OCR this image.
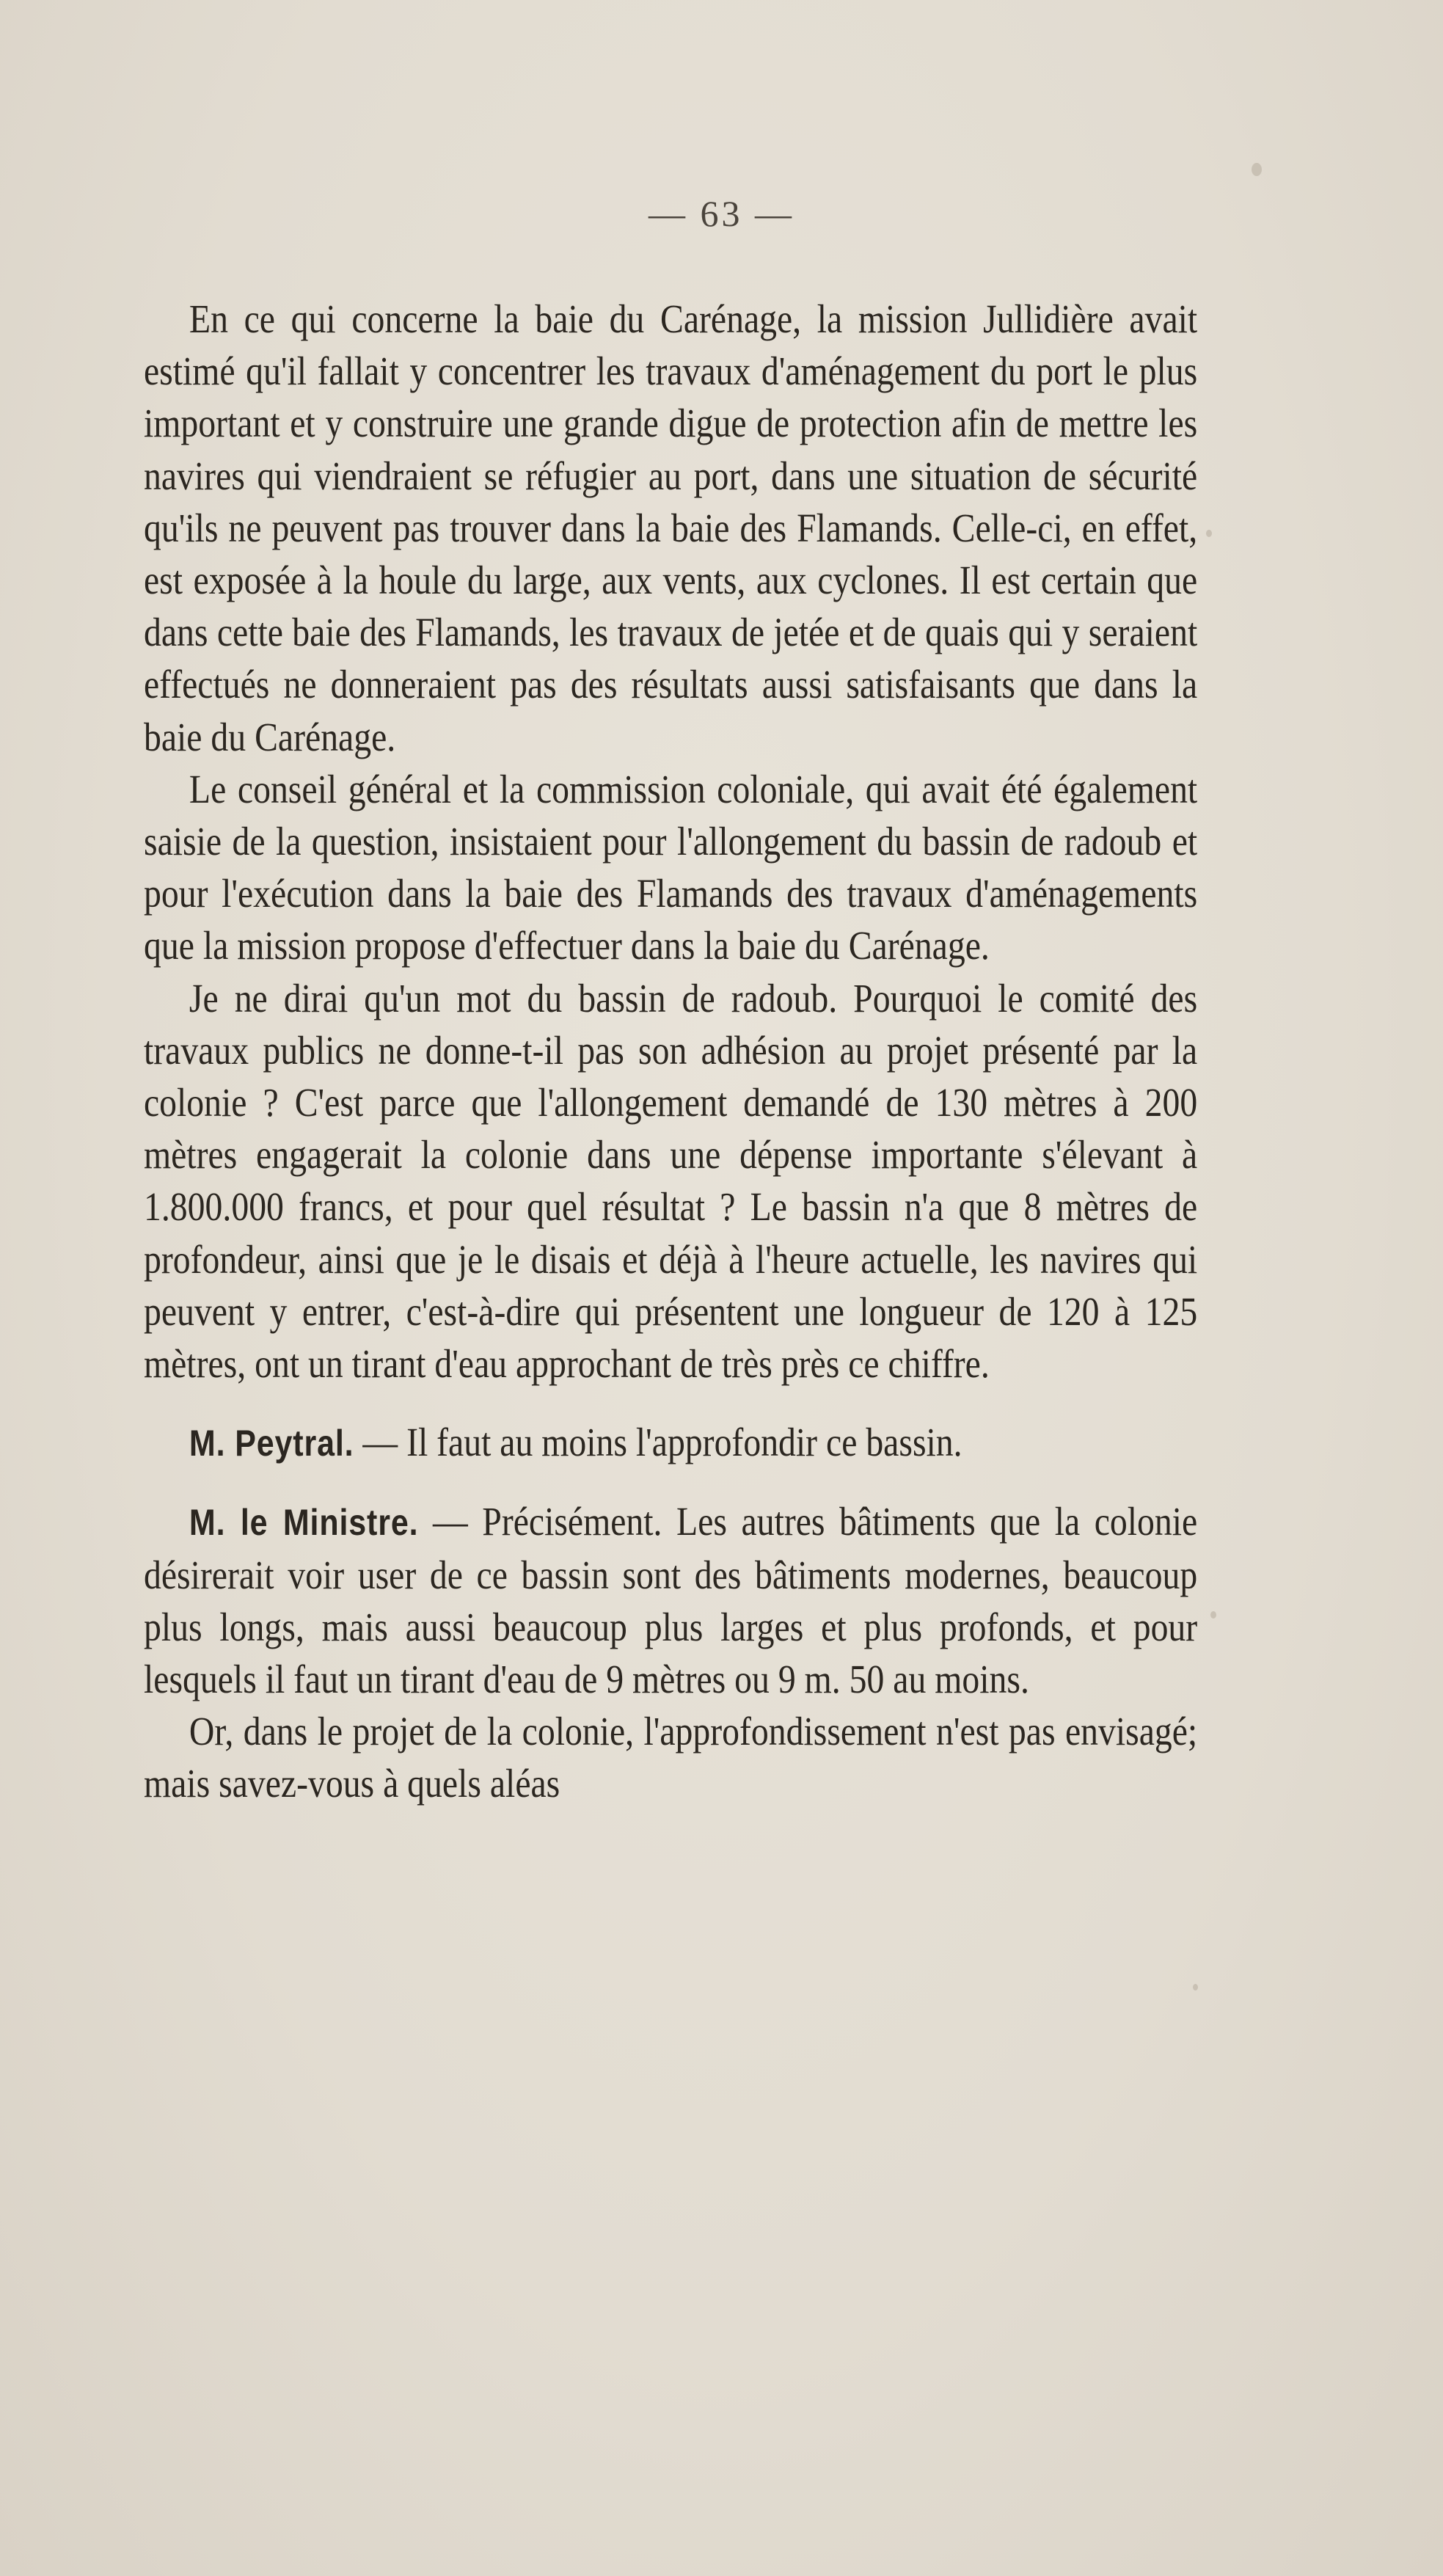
— 63 —

En ce qui concerne la baie du Carénage, la mission Jullidière avait estimé qu'il fallait y concentrer les travaux d'aménagement du port le plus important et y construire une grande digue de protection afin de mettre les navires qui viendraient se réfugier au port, dans une situation de sécurité qu'ils ne peuvent pas trouver dans la baie des Flamands. Celle-ci, en effet, est exposée à la houle du large, aux vents, aux cyclones. Il est certain que dans cette baie des Flamands, les travaux de jetée et de quais qui y seraient effectués ne donneraient pas des résultats aussi satisfaisants que dans la baie du Carénage.

Le conseil général et la commission coloniale, qui avait été également saisie de la question, insistaient pour l'allongement du bassin de radoub et pour l'exécution dans la baie des Flamands des travaux d'aménagements que la mission propose d'effectuer dans la baie du Carénage.

Je ne dirai qu'un mot du bassin de radoub. Pourquoi le comité des travaux publics ne donne-t-il pas son adhésion au projet présenté par la colonie ? C'est parce que l'allongement demandé de 130 mètres à 200 mètres engagerait la colonie dans une dépense importante s'élevant à 1.800.000 francs, et pour quel résultat ? Le bassin n'a que 8 mètres de profondeur, ainsi que je le disais et déjà à l'heure actuelle, les navires qui peuvent y entrer, c'est-à-dire qui présentent une longueur de 120 à 125 mètres, ont un tirant d'eau approchant de très près ce chiffre.

M. Peytral. — Il faut au moins l'approfondir ce bassin.

M. le Ministre. — Précisément. Les autres bâtiments que la colonie désirerait voir user de ce bassin sont des bâtiments modernes, beaucoup plus longs, mais aussi beaucoup plus larges et plus profonds, et pour lesquels il faut un tirant d'eau de 9 mètres ou 9 m. 50 au moins.

Or, dans le projet de la colonie, l'approfondissement n'est pas envisagé; mais savez-vous à quels aléas
